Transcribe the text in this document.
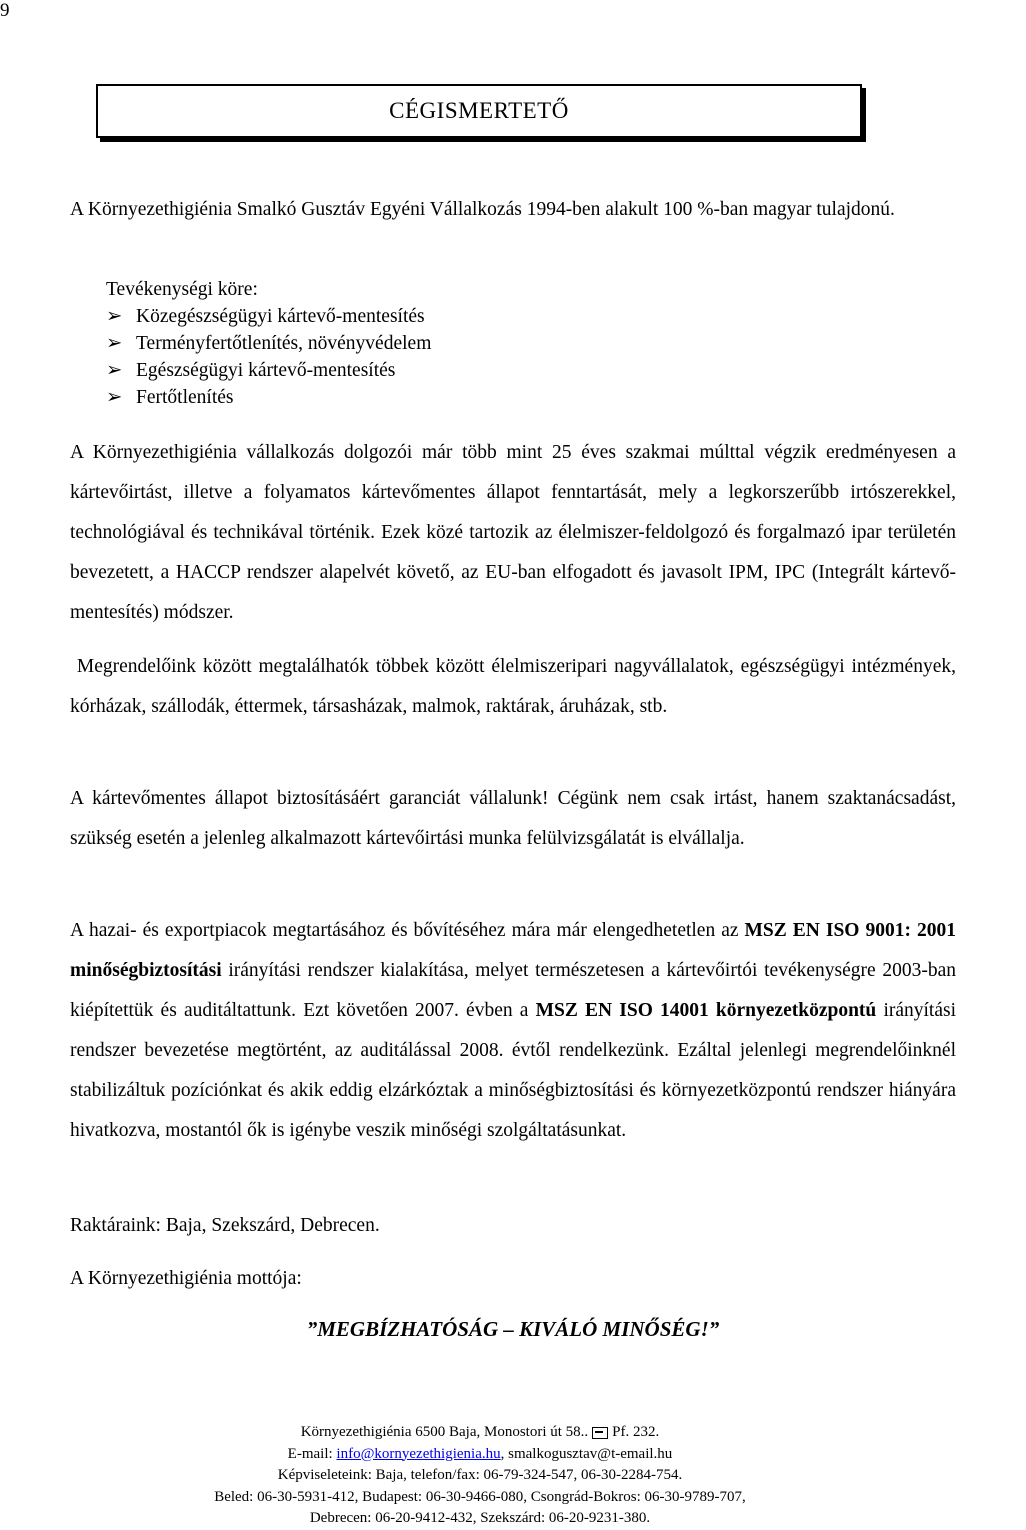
9
CÉGISMERTETŐ
A Környezethigiénia Smalkó Gusztáv Egyéni Vállalkozás 1994-ben alakult 100 %-ban magyar tulajdonú.
Tevékenységi köre:
➢ Közegészségügyi kártevő-mentesítés
➢ Terményfertőtlenítés, növényvédelem
➢ Egészségügyi kártevő-mentesítés
➢ Fertőtlenítés
A Környezethigiénia vállalkozás dolgozói már több mint 25 éves szakmai múlttal végzik eredményesen a kártevőirtást, illetve a folyamatos kártevőmentes állapot fenntartását, mely a legkorszerűbb irtószerekkel, technológiával és technikával történik. Ezek közé tartozik az élelmiszer-feldolgozó és forgalmazó ipar területén bevezetett, a HACCP rendszer alapelvét követő, az EU-ban elfogadott és javasolt IPM, IPC (Integrált kártevő-mentesítés) módszer.
Megrendelőink között megtalálhatók többek között élelmiszeripari nagyvállalatok, egészségügyi intézmények, kórházak, szállodák, éttermek, társasházak, malmok, raktárak, áruházak, stb.
A kártevőmentes állapot biztosításáért garanciát vállalunk! Cégünk nem csak irtást, hanem szaktanácsadást, szükség esetén a jelenleg alkalmazott kártevőirtási munka felülvizsgálatát is elvállalja.
A hazai- és exportpiacok megtartásához és bővítéséhez mára már elengedhetetlen az MSZ EN ISO 9001: 2001 minőségbiztosítási irányítási rendszer kialakítása, melyet természetesen a kártevőirtói tevékenységre 2003-ban kiépítettük és auditáltattunk. Ezt követően 2007. évben a MSZ EN ISO 14001 környezetközpontú irányítási rendszer bevezetése megtörtént, az auditálással 2008. évtől rendelkezünk. Ezáltal jelenlegi megrendelőinknél stabilizáltuk pozíciónkat és akik eddig elzárkóztak a minőségbiztosítási és környezetközpontú rendszer hiányára hivatkozva, mostantól ők is igénybe veszik minőségi szolgáltatásunkat.
Raktáraink: Baja, Szekszárd, Debrecen.
A Környezethigiénia mottója:
”MEGBÍZHATÓSÁG – KIVÁLÓ MINŐSÉG!”
Környezethigiénia 6500 Baja, Monostori út 58.. Pf. 232.
E-mail: info@kornyezethigienia.hu, smalkogusztav@t-email.hu
Képviseleteink: Baja, telefon/fax: 06-79-324-547, 06-30-2284-754.
Beled: 06-30-5931-412, Budapest: 06-30-9466-080, Csongrád-Bokros: 06-30-9789-707,
Debrecen: 06-20-9412-432, Szekszárd: 06-20-9231-380.
